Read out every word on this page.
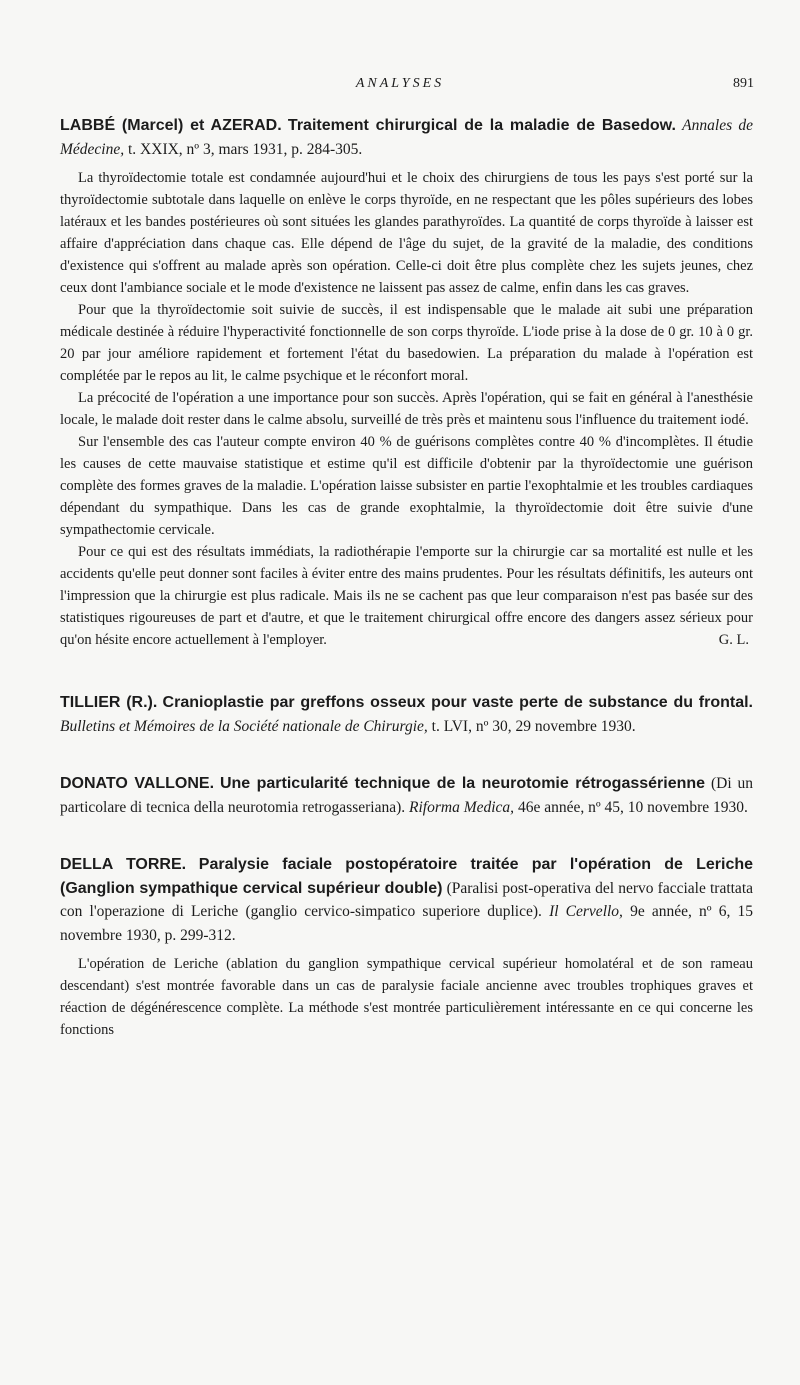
ANALYSES	891

LABBÉ (Marcel) et AZERAD. Traitement chirurgical de la maladie de Basedow. Annales de Médecine, t. XXIX, nº 3, mars 1931, p. 284-305.

La thyroïdectomie totale est condamnée aujourd'hui et le choix des chirurgiens de tous les pays s'est porté sur la thyroïdectomie subtotale dans laquelle on enlève le corps thyroïde, en ne respectant que les pôles supérieurs des lobes latéraux et les bandes postérieures où sont situées les glandes parathyroïdes. La quantité de corps thyroïde à laisser est affaire d'appréciation dans chaque cas. Elle dépend de l'âge du sujet, de la gravité de la maladie, des conditions d'existence qui s'offrent au malade après son opération. Celle-ci doit être plus complète chez les sujets jeunes, chez ceux dont l'ambiance sociale et le mode d'existence ne laissent pas assez de calme, enfin dans les cas graves.

Pour que la thyroïdectomie soit suivie de succès, il est indispensable que le malade ait subi une préparation médicale destinée à réduire l'hyperactivité fonctionnelle de son corps thyroïde. L'iode prise à la dose de 0 gr. 10 à 0 gr. 20 par jour améliore rapidement et fortement l'état du basedowien. La préparation du malade à l'opération est complétée par le repos au lit, le calme psychique et le réconfort moral.

La précocité de l'opération a une importance pour son succès. Après l'opération, qui se fait en général à l'anesthésie locale, le malade doit rester dans le calme absolu, surveillé de très près et maintenu sous l'influence du traitement iodé.

Sur l'ensemble des cas l'auteur compte environ 40 % de guérisons complètes contre 40 % d'incomplètes. Il étudie les causes de cette mauvaise statistique et estime qu'il est difficile d'obtenir par la thyroïdectomie une guérison complète des formes graves de la maladie. L'opération laisse subsister en partie l'exophtalmie et les troubles cardiaques dépendant du sympathique. Dans les cas de grande exophtalmie, la thyroïdectomie doit être suivie d'une sympathectomie cervicale.

Pour ce qui est des résultats immédiats, la radiothérapie l'emporte sur la chirurgie car sa mortalité est nulle et les accidents qu'elle peut donner sont faciles à éviter entre des mains prudentes. Pour les résultats définitifs, les auteurs ont l'impression que la chirurgie est plus radicale. Mais ils ne se cachent pas que leur comparaison n'est pas basée sur des statistiques rigoureuses de part et d'autre, et que le traitement chirurgical offre encore des dangers assez sérieux pour qu'on hésite encore actuellement à l'employer.	G. L.

TILLIER (R.). Cranioplastie par greffons osseux pour vaste perte de substance du frontal. Bulletins et Mémoires de la Société nationale de Chirurgie, t. LVI, nº 30, 29 novembre 1930.

DONATO VALLONE. Une particularité technique de la neurotomie rétrogassérienne (Di un particolare di tecnica della neurotomia retrogasseriana). Riforma Medica, 46e année, nº 45, 10 novembre 1930.

DELLA TORRE. Paralysie faciale postopératoire traitée par l'opération de Leriche (Ganglion sympathique cervical supérieur double) (Paralisi post-operativa del nervo facciale trattata con l'operazione di Leriche (ganglio cervico-simpatico superiore duplice). Il Cervello, 9e année, nº 6, 15 novembre 1930, p. 299-312.

L'opération de Leriche (ablation du ganglion sympathique cervical supérieur homolatéral et de son rameau descendant) s'est montrée favorable dans un cas de paralysie faciale ancienne avec troubles trophiques graves et réaction de dégénérescence complète. La méthode s'est montrée particulièrement intéressante en ce qui concerne les fonctions
